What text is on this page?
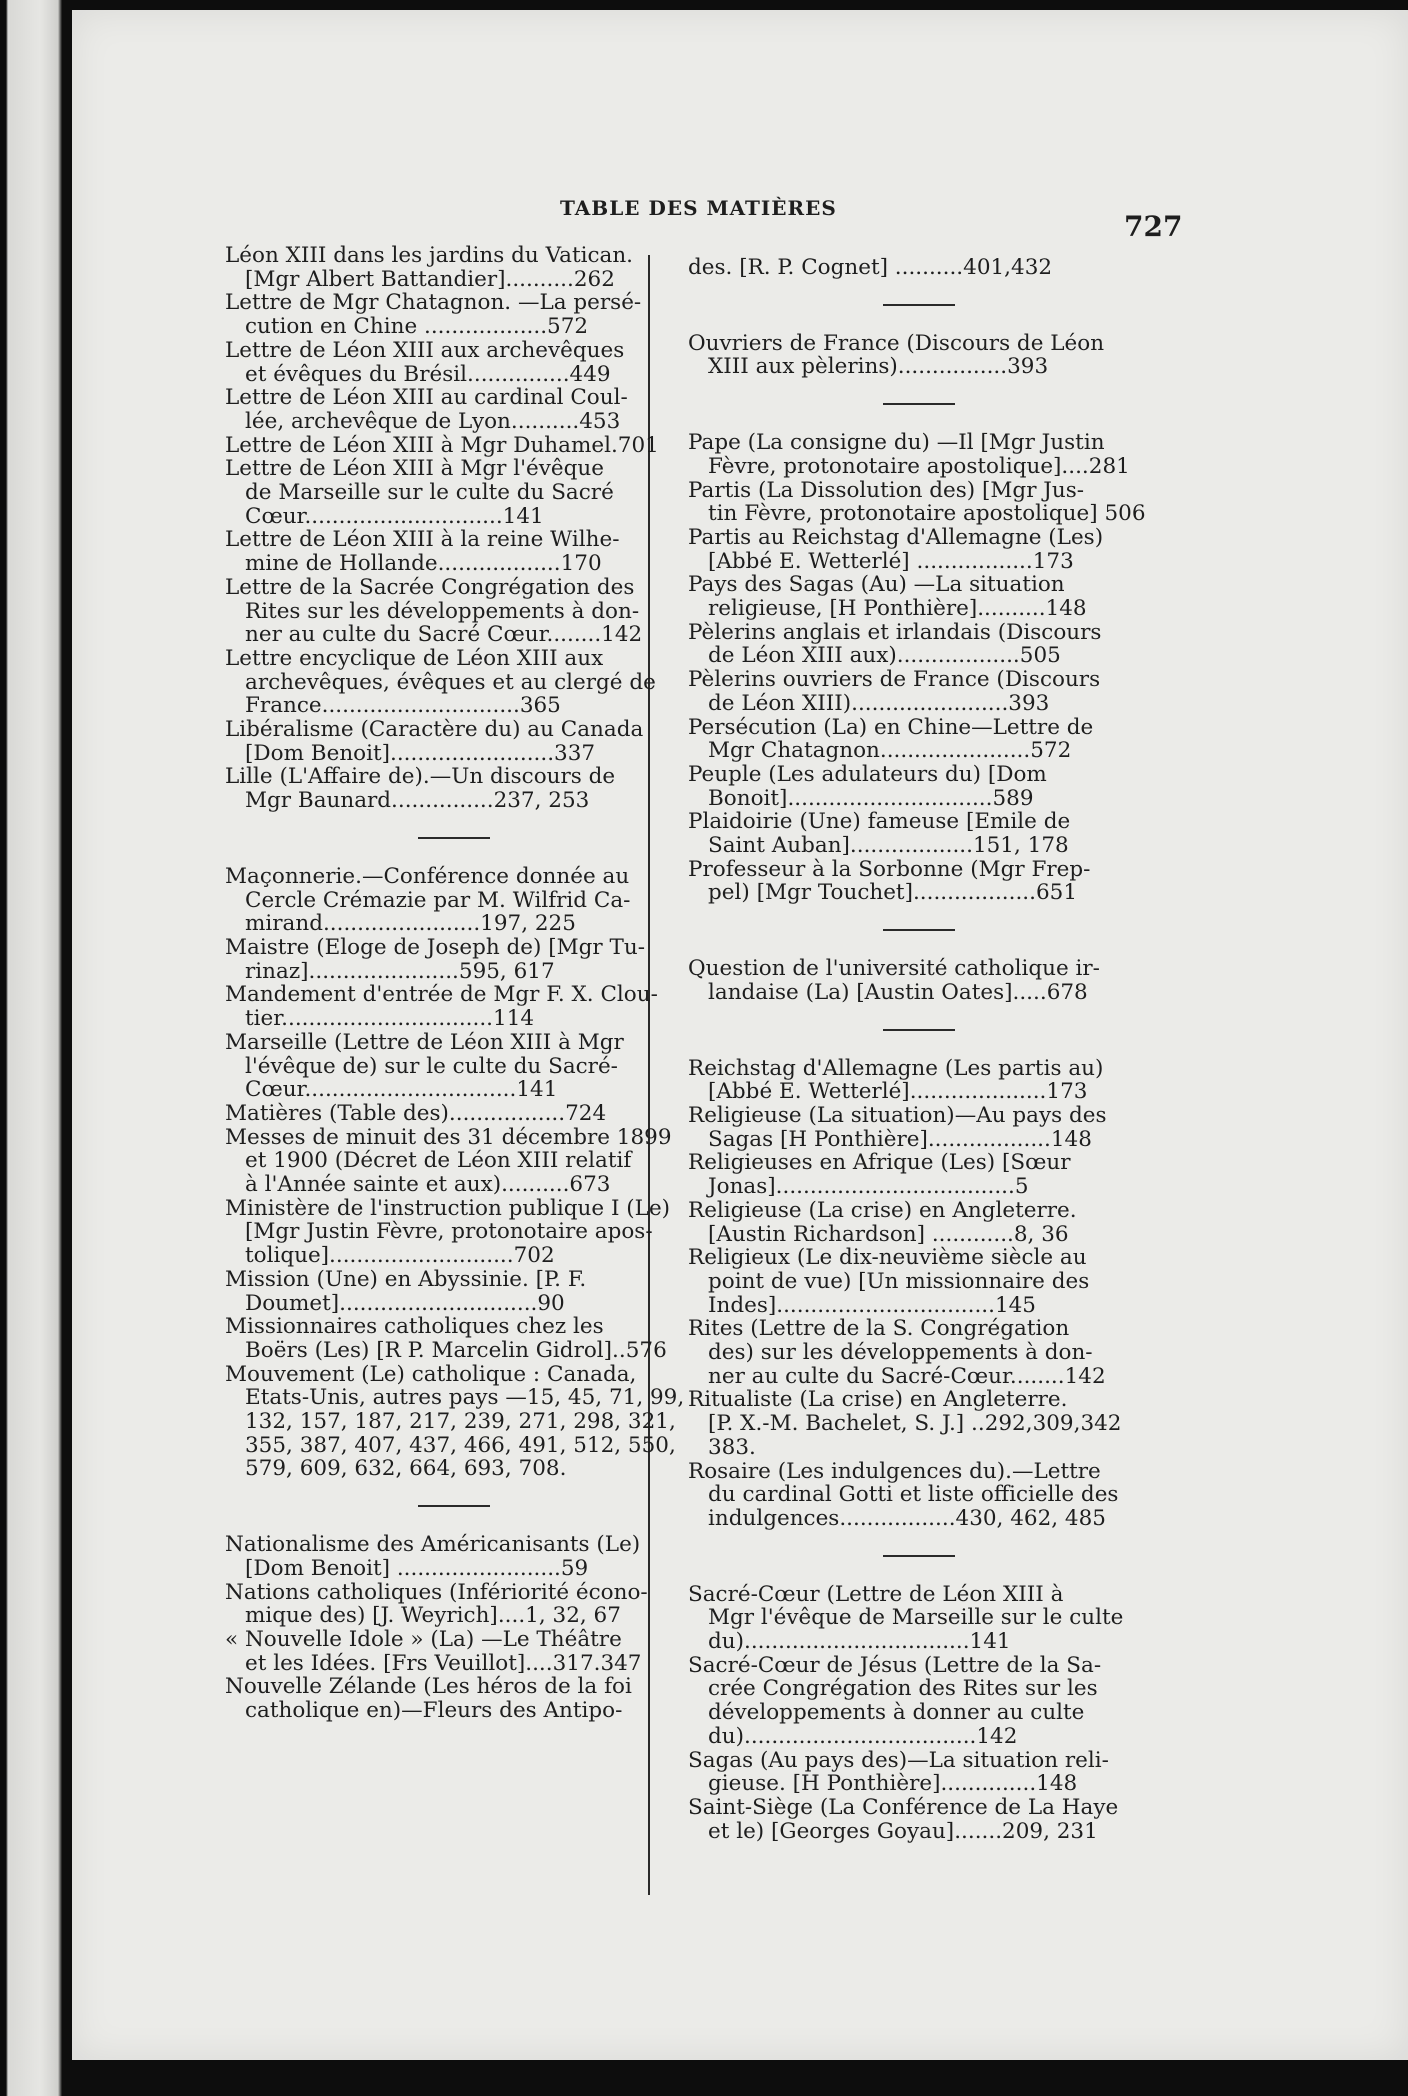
TABLE DES MATIÈRES
727
Léon XIII dans les jardins du Vatican.
[Mgr Albert Battandier]..........262
Lettre de Mgr Chatagnon. —La persé-
cution en Chine ..................572
Lettre de Léon XIII aux archevêques
et évêques du Brésil...............449
Lettre de Léon XIII au cardinal Coul-
lée, archevêque de Lyon..........453
Lettre de Léon XIII à Mgr Duhamel.701
Lettre de Léon XIII à Mgr l'évêque
de Marseille sur le culte du Sacré
Cœur.............................141
Lettre de Léon XIII à la reine Wilhe-
mine de Hollande..................170
Lettre de la Sacrée Congrégation des
Rites sur les développements à don-
ner au culte du Sacré Cœur........142
Lettre encyclique de Léon XIII aux
archevêques, évêques et au clergé de
France.............................365
Libéralisme (Caractère du) au Canada
[Dom Benoit]........................337
Lille (L'Affaire de).—Un discours de
Mgr Baunard...............237, 253
Maçonnerie.—Conférence donnée au
Cercle Crémazie par M. Wilfrid Ca-
mirand.......................197, 225
Maistre (Eloge de Joseph de) [Mgr Tu-
rinaz]......................595, 617
Mandement d'entrée de Mgr F. X. Clou-
tier...............................114
Marseille (Lettre de Léon XIII à Mgr
l'évêque de) sur le culte du Sacré-
Cœur...............................141
Matières (Table des).................724
Messes de minuit des 31 décembre 1899
et 1900 (Décret de Léon XIII relatif
à l'Année sainte et aux)..........673
Ministère de l'instruction publique I (Le)
[Mgr Justin Fèvre, protonotaire apos-
tolique]...........................702
Mission (Une) en Abyssinie. [P. F.
Doumet].............................90
Missionnaires catholiques chez les
Boërs (Les) [R P. Marcelin Gidrol]..576
Mouvement (Le) catholique : Canada,
Etats-Unis, autres pays —15, 45, 71, 99,
132, 157, 187, 217, 239, 271, 298, 321,
355, 387, 407, 437, 466, 491, 512, 550,
579, 609, 632, 664, 693, 708.
Nationalisme des Américanisants (Le)
[Dom Benoit] ........................59
Nations catholiques (Infériorité écono-
mique des) [J. Weyrich]....1, 32, 67
« Nouvelle Idole » (La) —Le Théâtre
et les Idées. [Frs Veuillot]....317.347
Nouvelle Zélande (Les héros de la foi
catholique en)—Fleurs des Antipo-
des. [R. P. Cognet] ..........401,432
Ouvriers de France (Discours de Léon
XIII aux pèlerins)................393
Pape (La consigne du) —Il [Mgr Justin
Fèvre, protonotaire apostolique]....281
Partis (La Dissolution des) [Mgr Jus-
tin Fèvre, protonotaire apostolique] 506
Partis au Reichstag d'Allemagne (Les)
[Abbé E. Wetterlé] .................173
Pays des Sagas (Au) —La situation
religieuse, [H Ponthière]..........148
Pèlerins anglais et irlandais (Discours
de Léon XIII aux)..................505
Pèlerins ouvriers de France (Discours
de Léon XIII).......................393
Persécution (La) en Chine—Lettre de
Mgr Chatagnon......................572
Peuple (Les adulateurs du) [Dom
Bonoit]..............................589
Plaidoirie (Une) fameuse [Emile de
Saint Auban]..................151, 178
Professeur à la Sorbonne (Mgr Frep-
pel) [Mgr Touchet]..................651
Question de l'université catholique ir-
landaise (La) [Austin Oates].....678
Reichstag d'Allemagne (Les partis au)
[Abbé E. Wetterlé]....................173
Religieuse (La situation)—Au pays des
Sagas [H Ponthière]..................148
Religieuses en Afrique (Les) [Sœur
Jonas]...................................5
Religieuse (La crise) en Angleterre.
[Austin Richardson] ............8, 36
Religieux (Le dix-neuvième siècle au
point de vue) [Un missionnaire des
Indes]................................145
Rites (Lettre de la S. Congrégation
des) sur les développements à don-
ner au culte du Sacré-Cœur........142
Ritualiste (La crise) en Angleterre.
[P. X.-M. Bachelet, S. J.] ..292,309,342
383.
Rosaire (Les indulgences du).—Lettre
du cardinal Gotti et liste officielle des
indulgences.................430, 462, 485
Sacré-Cœur (Lettre de Léon XIII à
Mgr l'évêque de Marseille sur le culte
du).................................141
Sacré-Cœur de Jésus (Lettre de la Sa-
crée Congrégation des Rites sur les
développements à donner au culte
du)..................................142
Sagas (Au pays des)—La situation reli-
gieuse. [H Ponthière]..............148
Saint-Siège (La Conférence de La Haye
et le) [Georges Goyau].......209, 231
